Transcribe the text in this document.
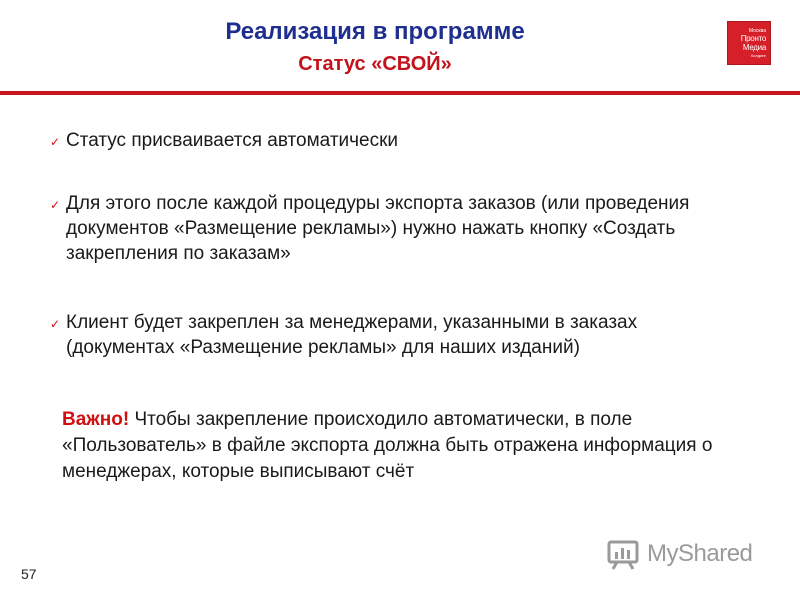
Реализация в программе
Статус «СВОЙ»
Москва
Пронто
Медиа
Холдинг

✓ Статус присваивается автоматически

✓ Для этого после каждой процедуры экспорта заказов (или проведения документов «Размещение рекламы») нужно нажать кнопку «Создать закрепления по заказам»

✓ Клиент будет закреплен за менеджерами, указанными в заказах (документах «Размещение рекламы» для наших изданий)

Важно! Чтобы закрепление происходило автоматически, в поле «Пользователь» в файле экспорта должна быть отражена информация о менеджерах, которые выписывают счёт

57
MyShared
